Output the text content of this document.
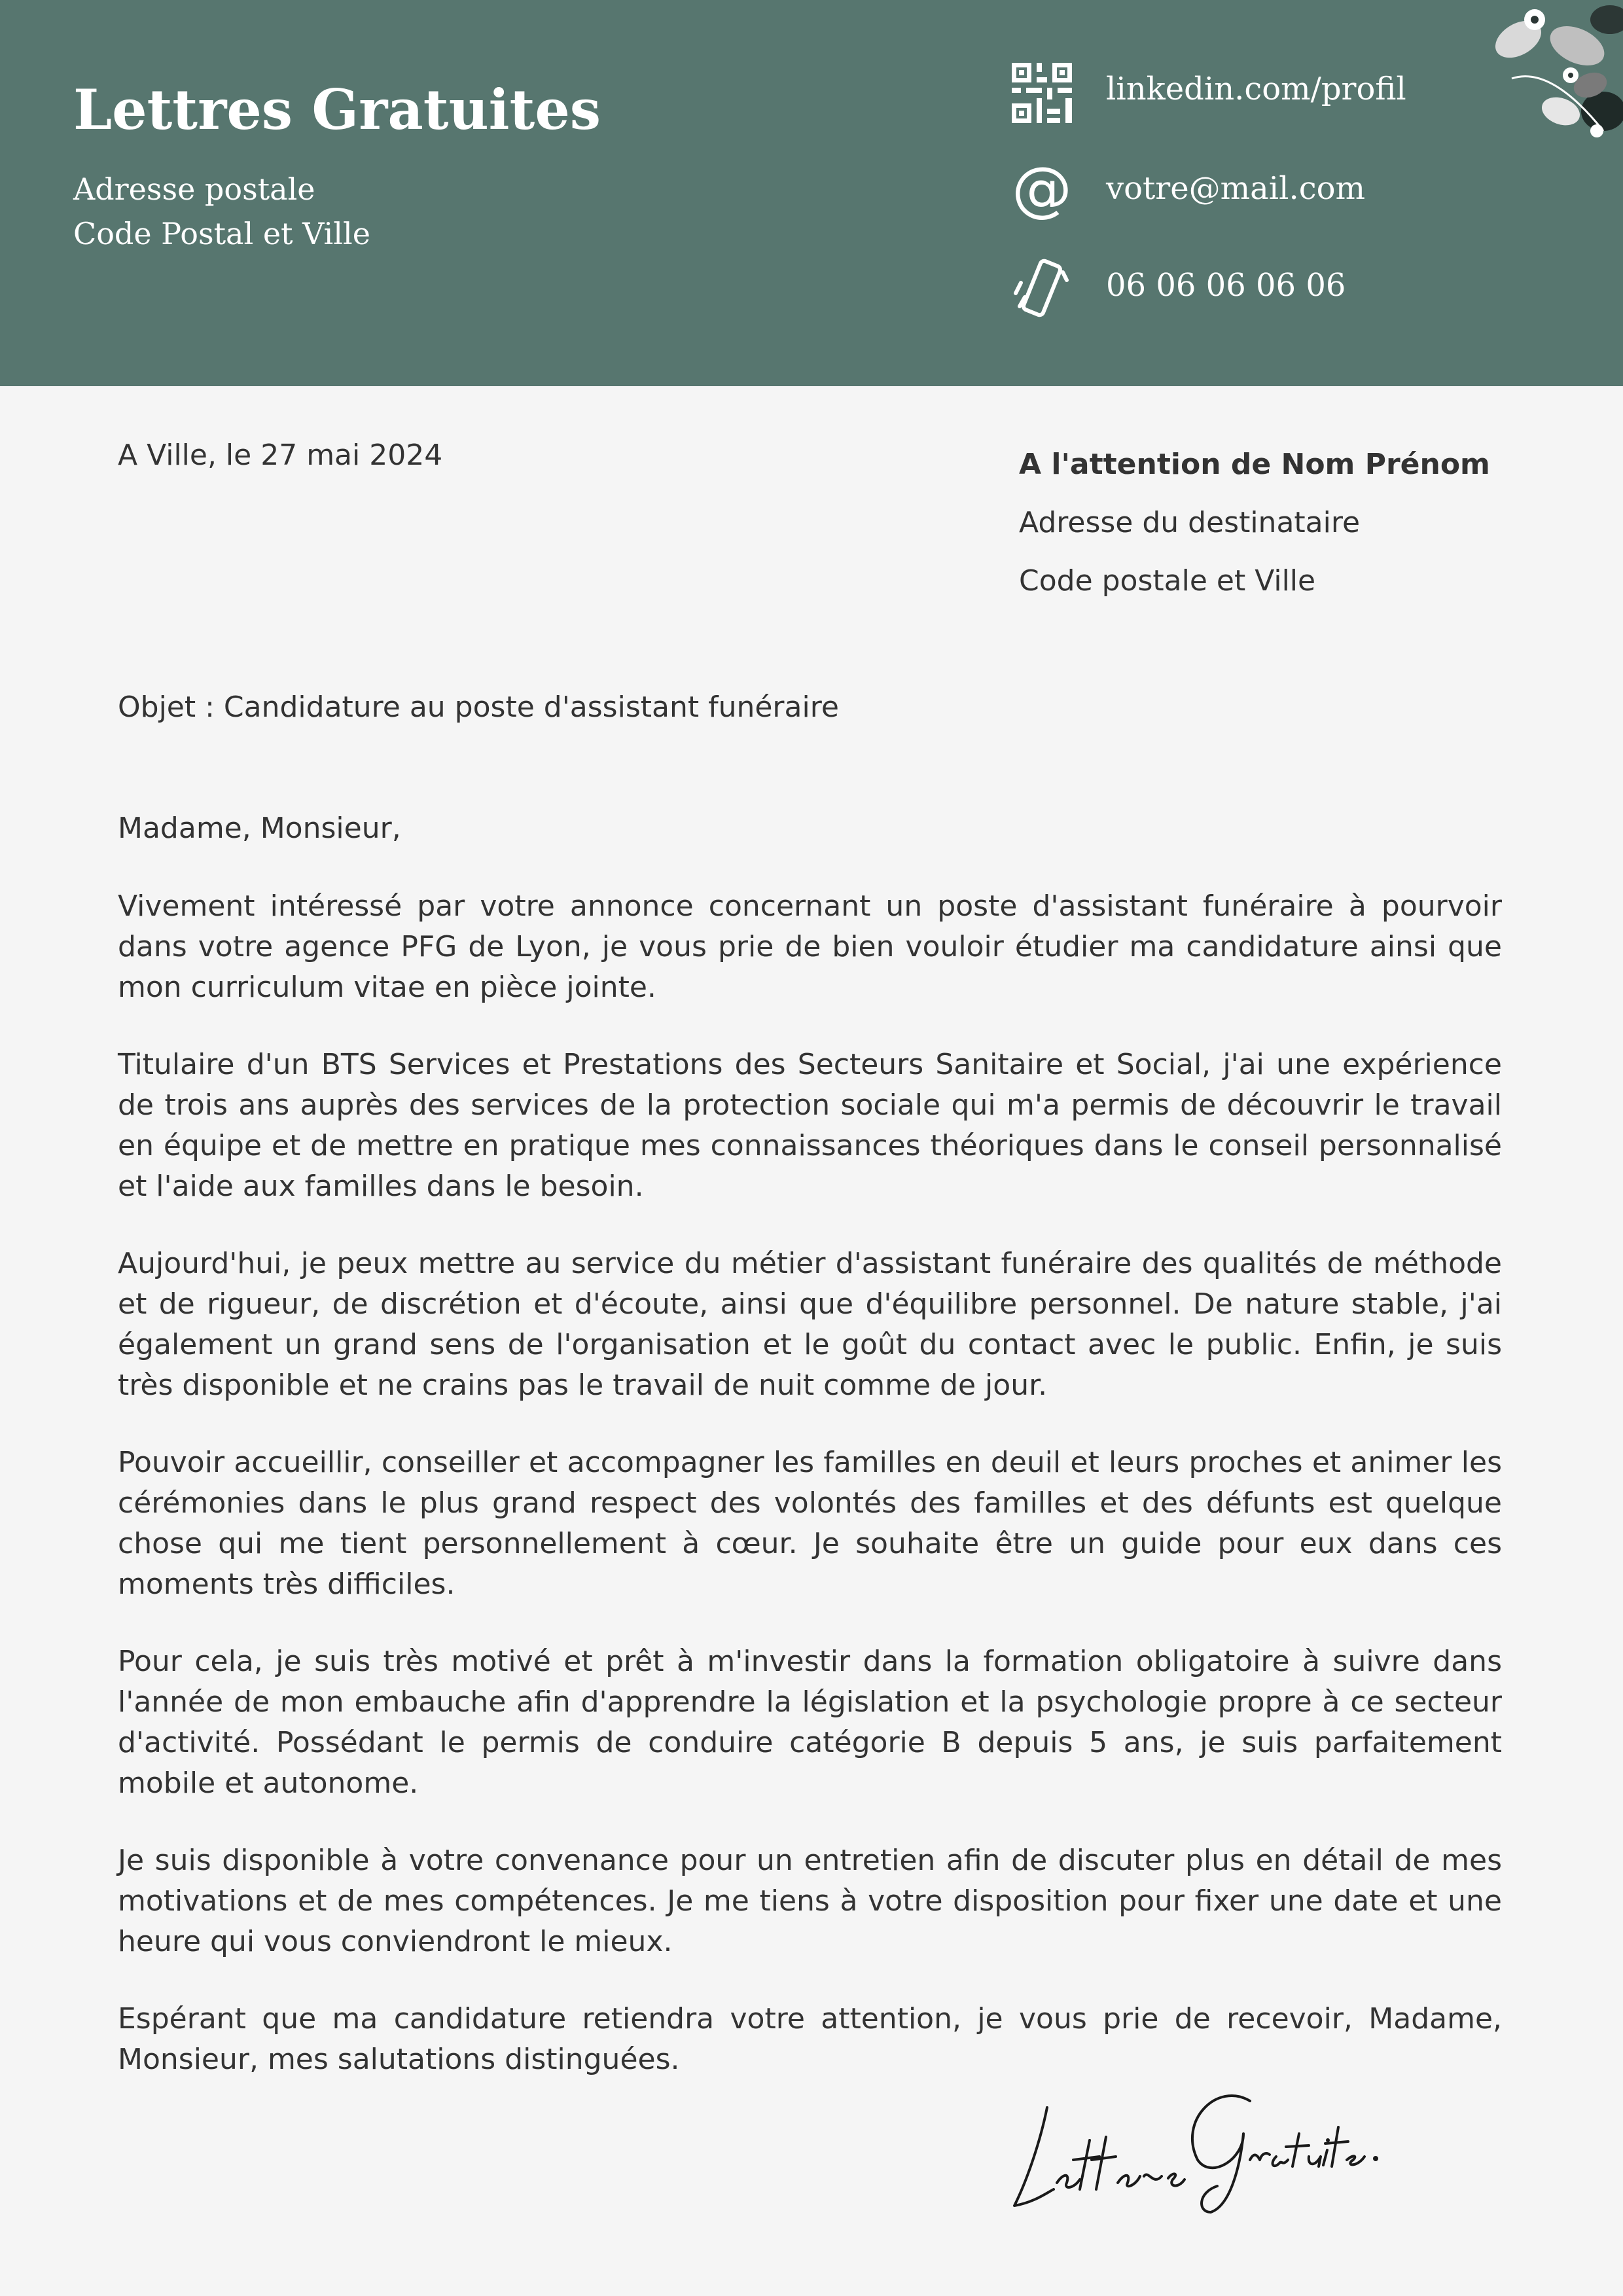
Lettres Gratuites
Adresse postale
Code Postal et Ville
linkedin.com/profil
@ votre@mail.com
06 06 06 06 06
A Ville, le 27 mai 2024	A l'attention de Nom Prénom
Adresse du destinataire
Code postale et Ville
Objet : Candidature au poste d'assistant funéraire
Madame, Monsieur,

Vivement intéressé par votre annonce concernant un poste d'assistant funéraire à pourvoir dans votre agence PFG de Lyon, je vous prie de bien vouloir étudier ma candidature ainsi que mon curriculum vitae en pièce jointe.

Titulaire d'un BTS Services et Prestations des Secteurs Sanitaire et Social, j'ai une expérience de trois ans auprès des services de la protection sociale qui m'a permis de découvrir le travail en équipe et de mettre en pratique mes connaissances théoriques dans le conseil personnalisé et l'aide aux familles dans le besoin.

Aujourd'hui, je peux mettre au service du métier d'assistant funéraire des qualités de méthode et de rigueur, de discrétion et d'écoute, ainsi que d'équilibre personnel. De nature stable, j'ai également un grand sens de l'organisation et le goût du contact avec le public. Enfin, je suis très disponible et ne crains pas le travail de nuit comme de jour.

Pouvoir accueillir, conseiller et accompagner les familles en deuil et leurs proches et animer les cérémonies dans le plus grand respect des volontés des familles et des défunts est quelque chose qui me tient personnellement à cœur. Je souhaite être un guide pour eux dans ces moments très difficiles.

Pour cela, je suis très motivé et prêt à m'investir dans la formation obligatoire à suivre dans l'année de mon embauche afin d'apprendre la législation et la psychologie propre à ce secteur d'activité. Possédant le permis de conduire catégorie B depuis 5 ans, je suis parfaitement mobile et autonome.

Je suis disponible à votre convenance pour un entretien afin de discuter plus en détail de mes motivations et de mes compétences. Je me tiens à votre disposition pour fixer une date et une heure qui vous conviendront le mieux.

Espérant que ma candidature retiendra votre attention, je vous prie de recevoir, Madame, Monsieur, mes salutations distinguées.
